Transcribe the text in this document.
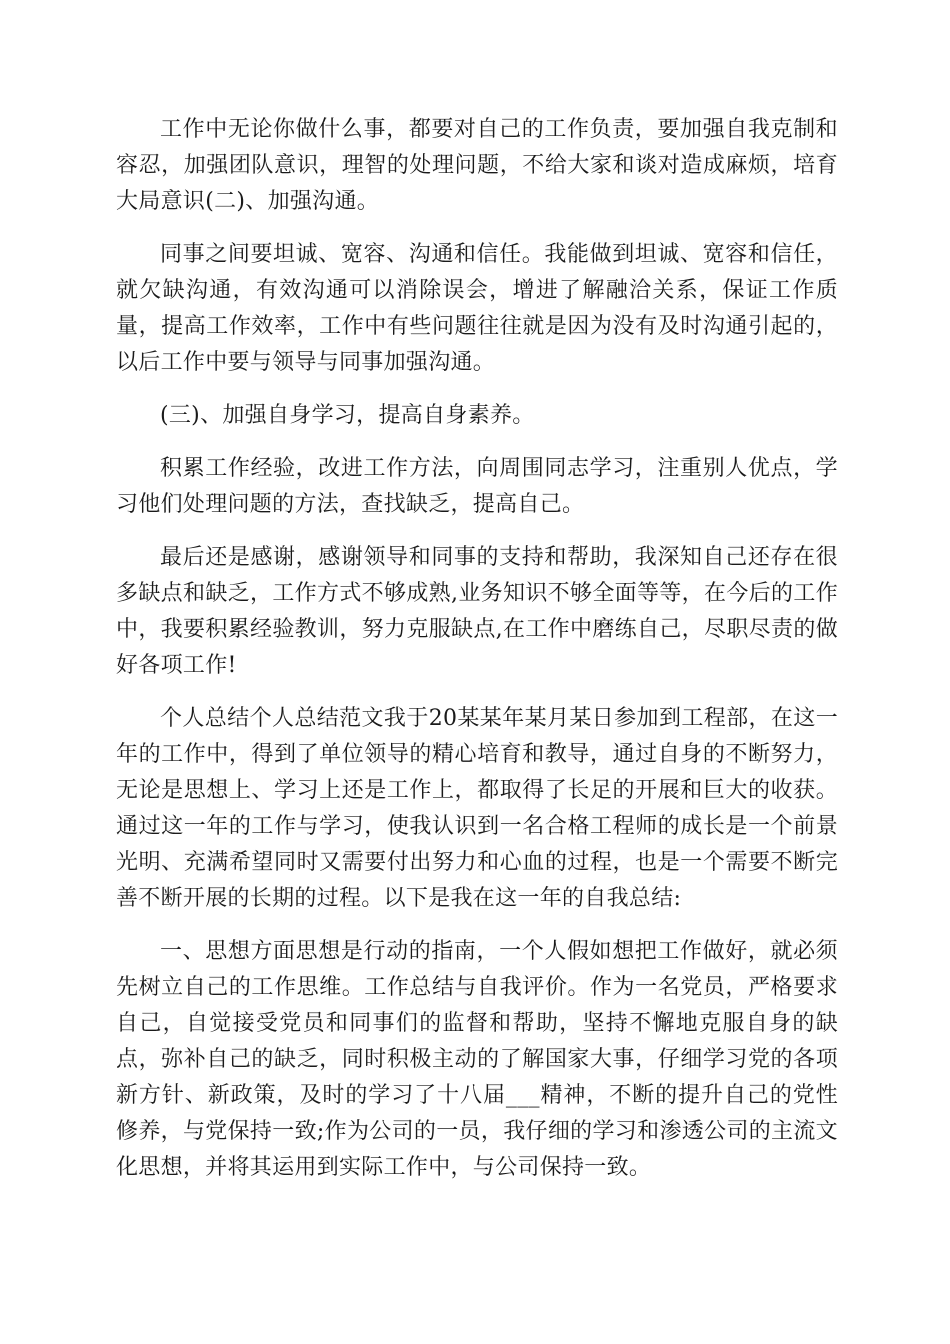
工作中无论你做什么事，都要对自己的工作负责，要加强自我克制和容忍，加强团队意识，理智的处理问题，不给大家和谈对造成麻烦，培育大局意识(二)、加强沟通。

同事之间要坦诚、宽容、沟通和信任。我能做到坦诚、宽容和信任，就欠缺沟通，有效沟通可以消除误会，增进了解融洽关系，保证工作质量，提高工作效率，工作中有些问题往往就是因为没有及时沟通引起的，以后工作中要与领导与同事加强沟通。

(三)、加强自身学习，提高自身素养。

积累工作经验，改进工作方法，向周围同志学习，注重别人优点，学习他们处理问题的方法，查找缺乏，提高自己。

最后还是感谢，感谢领导和同事的支持和帮助，我深知自己还存在很多缺点和缺乏，工作方式不够成熟,业务知识不够全面等等，在今后的工作中，我要积累经验教训，努力克服缺点,在工作中磨练自己，尽职尽责的做好各项工作!

个人总结个人总结范文我于20某某年某月某日参加到工程部，在这一年的工作中，得到了单位领导的精心培育和教导，通过自身的不断努力，无论是思想上、学习上还是工作上，都取得了长足的开展和巨大的收获。通过这一年的工作与学习，使我认识到一名合格工程师的成长是一个前景光明、充满希望同时又需要付出努力和心血的过程，也是一个需要不断完善不断开展的长期的过程。以下是我在这一年的自我总结:

一、思想方面思想是行动的指南，一个人假如想把工作做好，就必须先树立自己的工作思维。工作总结与自我评价。作为一名党员，严格要求自己，自觉接受党员和同事们的监督和帮助，坚持不懈地克服自身的缺点，弥补自己的缺乏，同时积极主动的了解国家大事，仔细学习党的各项新方针、新政策，及时的学习了十八届___精神，不断的提升自己的党性修养，与党保持一致;作为公司的一员，我仔细的学习和渗透公司的主流文化思想，并将其运用到实际工作中，与公司保持一致。
